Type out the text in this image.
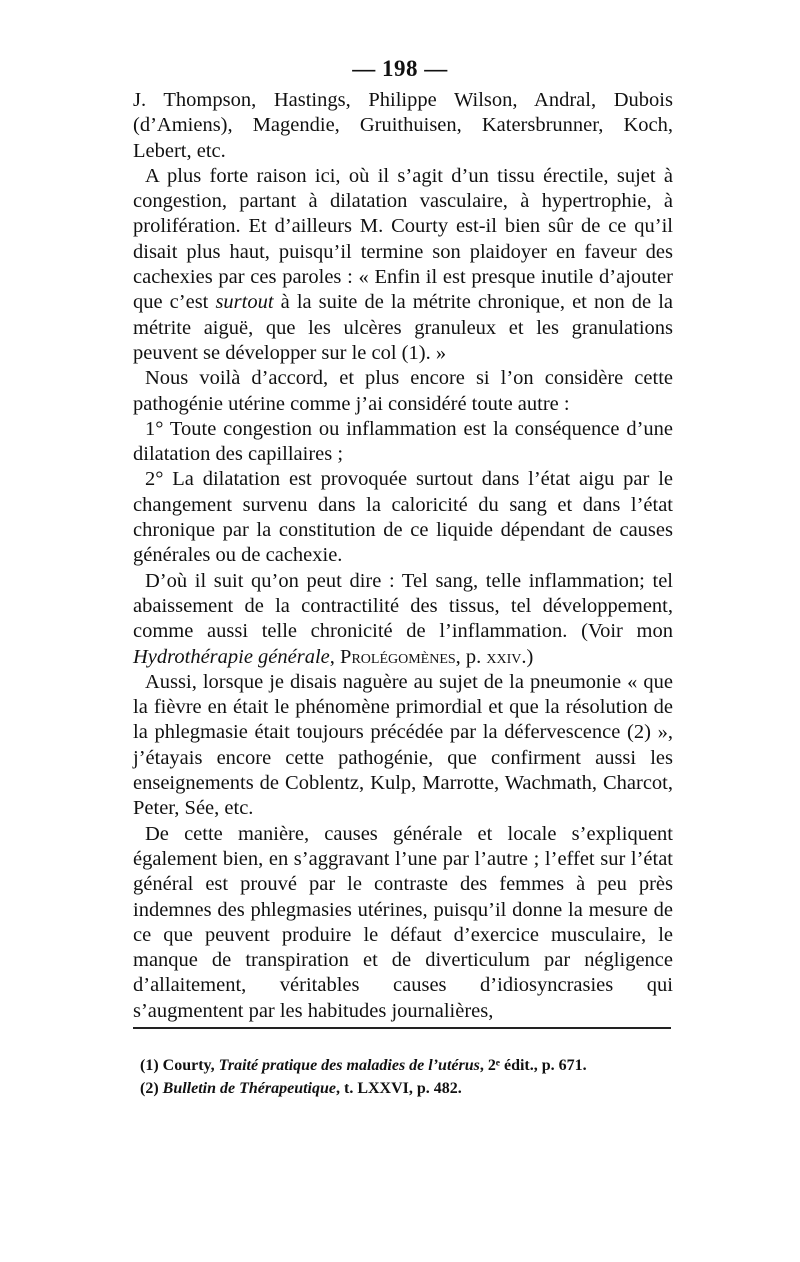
— 198 —

J. Thompson, Hastings, Philippe Wilson, Andral, Dubois (d’Amiens), Magendie, Gruithuisen, Katersbrunner, Koch, Lebert, etc.

A plus forte raison ici, où il s’agit d’un tissu érectile, sujet à congestion, partant à dilatation vasculaire, à hypertrophie, à prolifération. Et d’ailleurs M. Courty est-il bien sûr de ce qu’il disait plus haut, puisqu’il termine son plaidoyer en faveur des cachexies par ces paroles : « Enfin il est presque inutile d’ajouter que c’est surtout à la suite de la métrite chronique, et non de la métrite aiguë, que les ulcères granuleux et les granulations peuvent se développer sur le col (1). »

Nous voilà d’accord, et plus encore si l’on considère cette pathogénie utérine comme j’ai considéré toute autre :

1° Toute congestion ou inflammation est la conséquence d’une dilatation des capillaires ;

2° La dilatation est provoquée surtout dans l’état aigu par le changement survenu dans la caloricité du sang et dans l’état chronique par la constitution de ce liquide dépendant de causes générales ou de cachexie.

D’où il suit qu’on peut dire : Tel sang, telle inflammation; tel abaissement de la contractilité des tissus, tel développement, comme aussi telle chronicité de l’inflammation. (Voir mon Hydrothérapie générale, Prolégomènes, p. xxiv.)

Aussi, lorsque je disais naguère au sujet de la pneumonie « que la fièvre en était le phénomène primordial et que la résolution de la phlegmasie était toujours précédée par la défervescence (2) », j’étayais encore cette pathogénie, que confirment aussi les enseignements de Coblentz, Kulp, Marrotte, Wachmath, Charcot, Peter, Sée, etc.

De cette manière, causes générale et locale s’expliquent également bien, en s’aggravant l’une par l’autre ; l’effet sur l’état général est prouvé par le contraste des femmes à peu près indemnes des phlegmasies utérines, puisqu’il donne la mesure de ce que peuvent produire le défaut d’exercice musculaire, le manque de transpiration et de diverticulum par négligence d’allaitement, véritables causes d’idiosyncrasies qui s’augmentent par les habitudes journalières,

(1) Courty, Traité pratique des maladies de l’utérus, 2ᵉ édit., p. 671.

(2) Bulletin de Thérapeutique, t. LXXVI, p. 482.
